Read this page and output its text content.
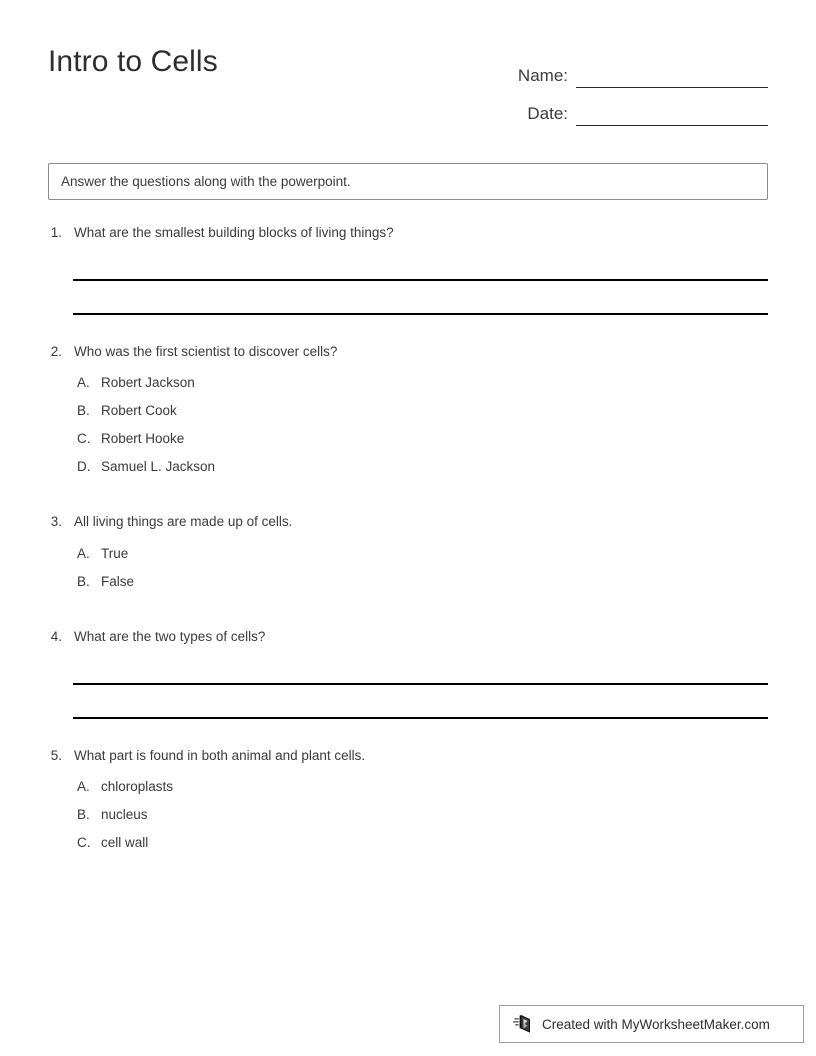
Intro to Cells	Name:
Date:
Answer the questions along with the powerpoint.
1. What are the smallest building blocks of living things?
2. Who was the first scientist to discover cells?
A. Robert Jackson
B. Robert Cook
C. Robert Hooke
D. Samuel L. Jackson
3. All living things are made up of cells.
A. True
B. False
4. What are the two types of cells?
5. What part is found in both animal and plant cells.
A. chloroplasts
B. nucleus
C. cell wall
Created with MyWorksheetMaker.com
